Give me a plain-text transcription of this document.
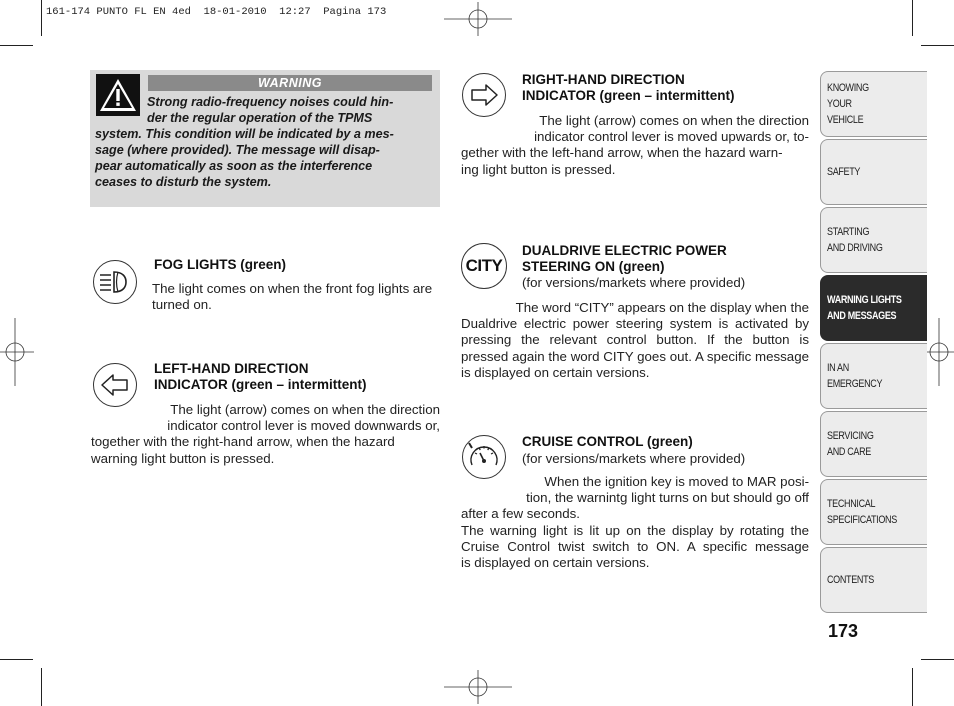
161-174 PUNTO FL EN 4ed  18-01-2010  12:27  Pagina 173
WARNING
Strong radio-frequency noises could hin-
der the regular operation of the TPMS
system. This condition will be indicated by a mes-
sage (where provided). The message will disap-
pear automatically as soon as the interference
ceases to disturb the system.
FOG LIGHTS (green)
The light comes on when the front fog lights are
turned on.
LEFT-HAND DIRECTION
INDICATOR (green – intermittent)
The light (arrow) comes on when the direction
indicator control lever is moved downwards or,
together with the right-hand arrow, when the hazard
warning light button is pressed.
RIGHT-HAND DIRECTION
INDICATOR (green – intermittent)
The light (arrow) comes on when the direction
indicator control lever is moved upwards or, to-
gether with the left-hand arrow, when the hazard warn-
ing light button is pressed.
CITY
DUALDRIVE ELECTRIC POWER
STEERING ON (green)
(for versions/markets where provided)
The word “CITY” appears on the display when the
Dualdrive electric power steering system is activated by
pressing the relevant control button. If the button is
pressed again the word CITY goes out. A specific message
is displayed on certain versions.
CRUISE CONTROL (green)
(for versions/markets where provided)
When the ignition key is moved to MAR posi-
tion, the warnintg light turns on but should go off
after a few seconds.
The warning light is lit up on the display by rotating the
Cruise Control twist switch to ON. A specific message
is displayed on certain versions.
KNOWING
YOUR
VEHICLE
SAFETY
STARTING
AND DRIVING
WARNING LIGHTS
AND MESSAGES
IN AN
EMERGENCY
SERVICING
AND CARE
TECHNICAL
SPECIFICATIONS
CONTENTS
173
